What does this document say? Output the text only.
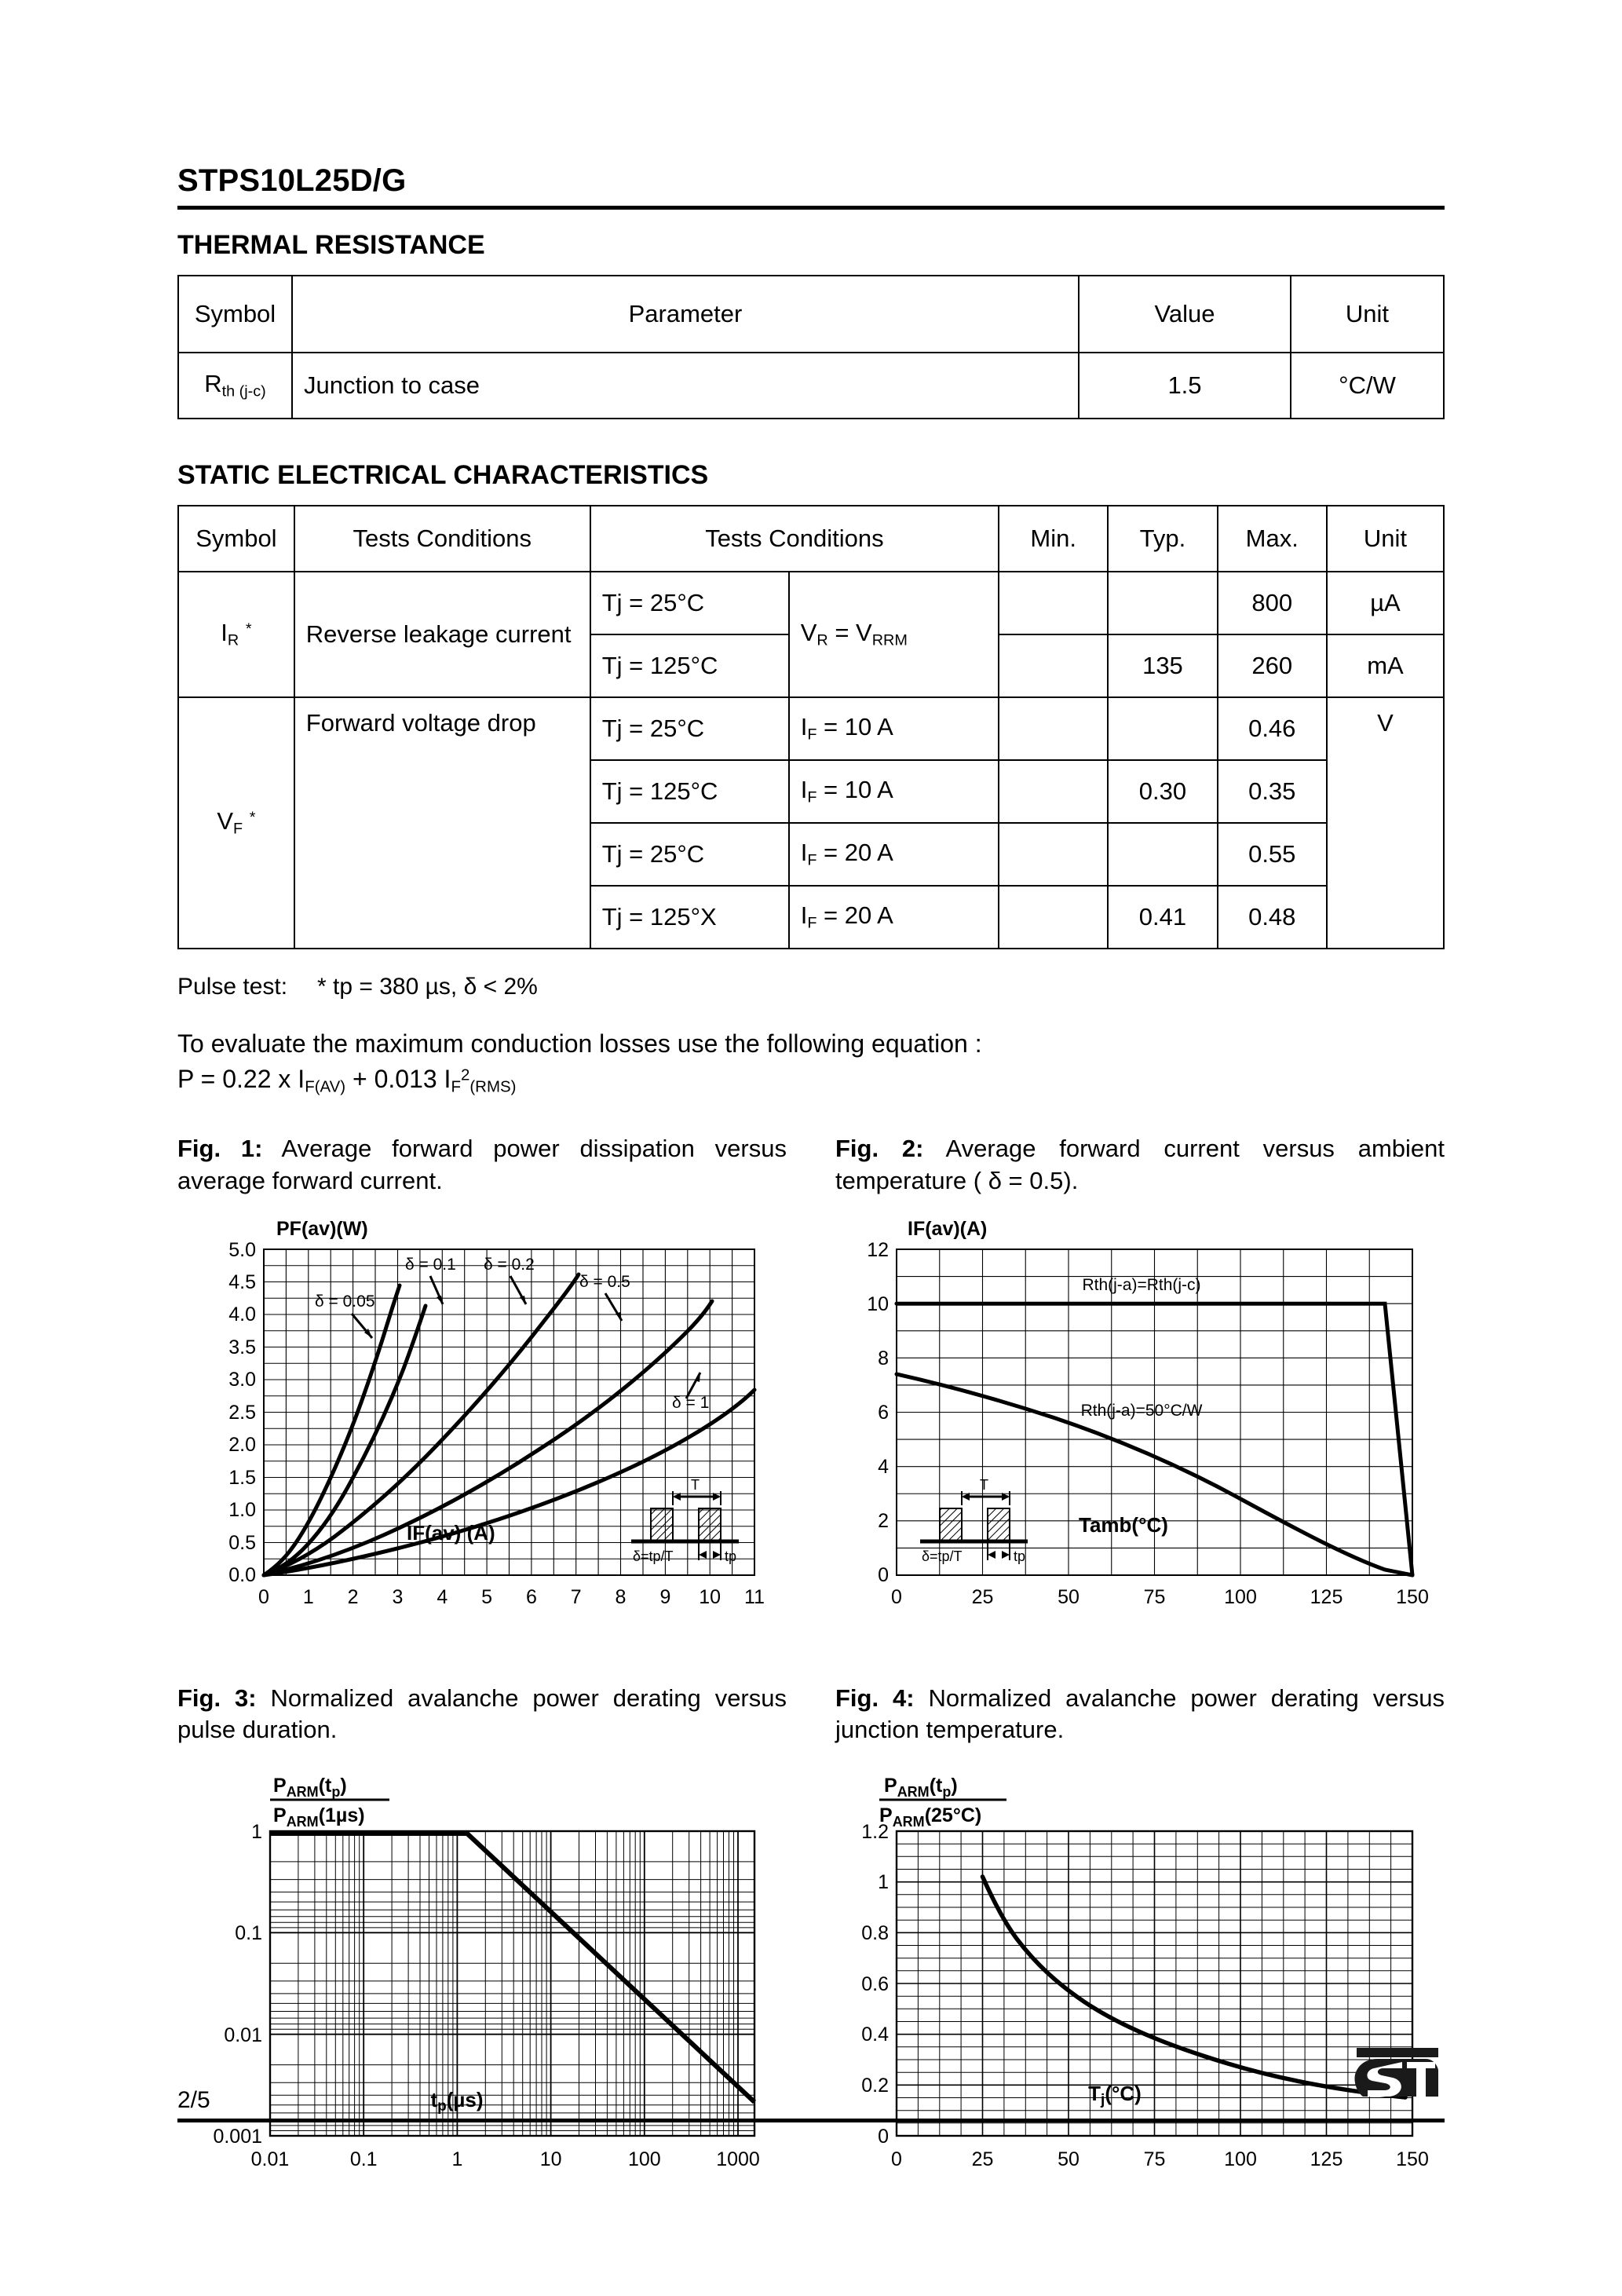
STPS10L25D/G
THERMAL RESISTANCE
Symbol	Parameter	Value	Unit
$R_{th (j-c)}$	Junction to case	1.5	°C/W
STATIC ELECTRICAL CHARACTERISTICS
Symbol	Tests Conditions	Tests Conditions		Min.	Typ.	Max.	Unit
$I_R$ *	Reverse leakage current	Tj = 25°C	$V_R = V_{RRM}$			800	µA
		Tj = 125°C			135	260	mA
$V_F$ *	Forward voltage drop	Tj = 25°C	$I_F = 10$ A			0.46	V
		Tj = 125°C	$I_F = 10$ A		0.30	0.35	
		Tj = 25°C	$I_F = 20$ A			0.55	
		Tj = 125°X	$I_F = 20$ A		0.41	0.48	
Pulse test: * tp = 380 µs, δ < 2%
To evaluate the maximum conduction losses use the following equation :
P = 0.22 x $I_{F(AV)} + 0.013$ $I_F^2_{(RMS)}$
Fig. 1: Average forward power dissipation versus average forward current.
PF(av)(W)
5.0
4.5
4.0
3.5
3.0
2.5
2.0
1.5
1.0
0.5
0.0
0 1 2 3 4 5 6 7 8 9 10 11
δ = 0.05
δ = 0.1 δ = 0.2
δ = 0.5
δ = 1
IF(av) (A)
T
δ=tp/T	tp
Fig. 2: Average forward current versus ambient temperature ( δ = 0.5).
IF(av)(A)
12
10
8
6
4
2
0
0	25	50	75	100	125	150
Rth(j-a)=Rth(j-c)
Rth(j-a)=50°C/W
Tamb(°C)
T
δ=tp/T	tp
Fig. 3: Normalized avalanche power derating versus pulse duration.
$P_{ARM}(t_p)$
$P_{ARM}(1\mu s)$
1
0.1
0.01
0.001
0.01	0.1	1	10	100	1000
tp(µs)
Fig. 4: Normalized avalanche power derating versus junction temperature.
$P_{ARM}(t_p)$
$P_{ARM}(25^\circ C)$
1.2
1
0.8
0.6
0.4
0.2
0
0	25	50	75	100	125	150
Tj(°C)
2/5
